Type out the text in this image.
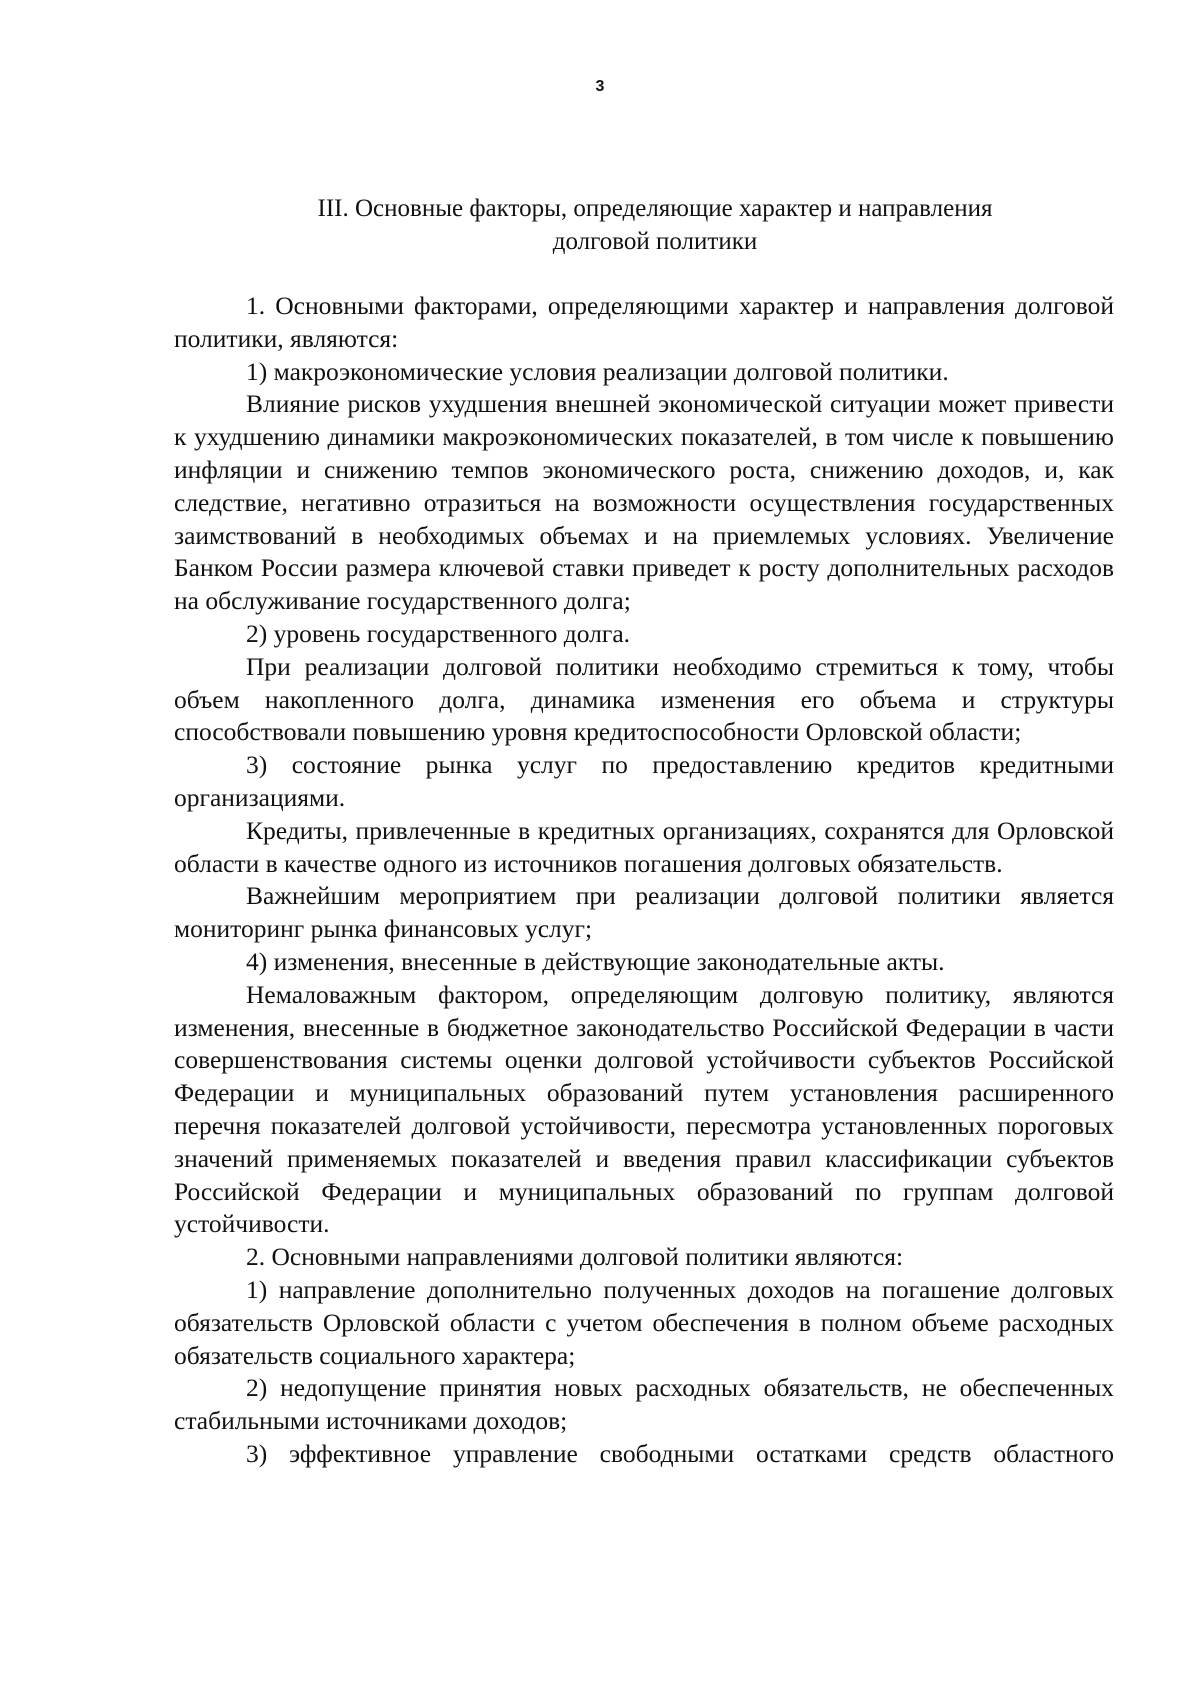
3
III. Основные факторы, определяющие характер и направления
долговой политики

1. Основными факторами, определяющими характер и направления долговой политики, являются:

1) макроэкономические условия реализации долговой политики.

Влияние рисков ухудшения внешней экономической ситуации может привести к ухудшению динамики макроэкономических показателей, в том числе к повышению инфляции и снижению темпов экономического роста, снижению доходов, и, как следствие, негативно отразиться на возможности осуществления государственных заимствований в необходимых объемах и на приемлемых условиях. Увеличение Банком России размера ключевой ставки приведет к росту дополнительных расходов на обслуживание государственного долга;

2) уровень государственного долга.

При реализации долговой политики необходимо стремиться к тому, чтобы объем накопленного долга, динамика изменения его объема и структуры способствовали повышению уровня кредитоспособности Орловской области;

3) состояние рынка услуг по предоставлению кредитов кредитными организациями.

Кредиты, привлеченные в кредитных организациях, сохранятся для Орловской области в качестве одного из источников погашения долговых обязательств.

Важнейшим мероприятием при реализации долговой политики является мониторинг рынка финансовых услуг;

4) изменения, внесенные в действующие законодательные акты.

Немаловажным фактором, определяющим долговую политику, являются изменения, внесенные в бюджетное законодательство Российской Федерации в части совершенствования системы оценки долговой устойчивости субъектов Российской Федерации и муниципальных образований путем установления расширенного перечня показателей долговой устойчивости, пересмотра установленных пороговых значений применяемых показателей и введения правил классификации субъектов Российской Федерации и муниципальных образований по группам долговой устойчивости.

2. Основными направлениями долговой политики являются:

1) направление дополнительно полученных доходов на погашение долговых обязательств Орловской области с учетом обеспечения в полном объеме расходных обязательств социального характера;

2) недопущение принятия новых расходных обязательств, не обеспеченных стабильными источниками доходов;

3) эффективное управление свободными остатками средств областного
